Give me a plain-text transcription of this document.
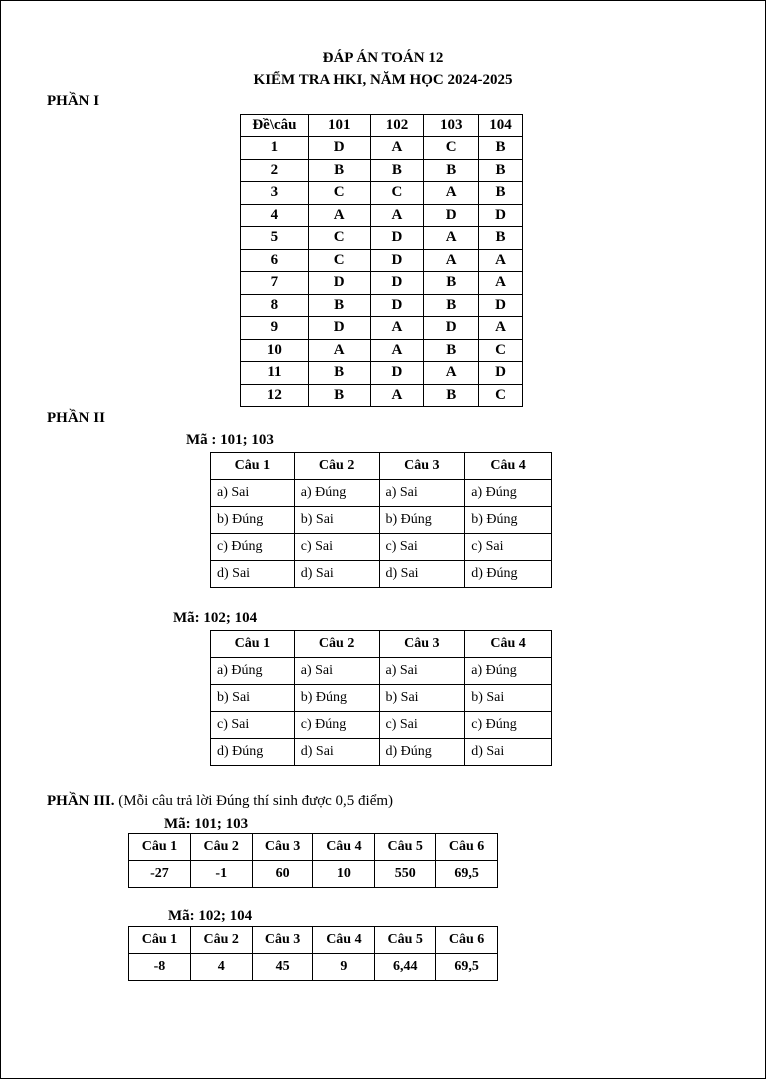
ĐÁP ÁN TOÁN 12
KIỂM TRA HKI, NĂM HỌC 2024-2025
PHẦN I
Đề\câu	101	102	103	104
1	D	A	C	B
2	B	B	B	B
3	C	C	A	B
4	A	A	D	D
5	C	D	A	B
6	C	D	A	A
7	D	D	B	A
8	B	D	B	D
9	D	A	D	A
10	A	A	B	C
11	B	D	A	D
12	B	A	B	C
PHẦN II
Mã : 101; 103
Câu 1	Câu 2	Câu 3	Câu 4
a) Sai	a) Đúng	a) Sai	a) Đúng
b) Đúng	b) Sai	b) Đúng	b) Đúng
c) Đúng	c) Sai	c) Sai	c) Sai
d) Sai	d) Sai	d) Sai	d) Đúng
Mã: 102; 104
Câu 1	Câu 2	Câu 3	Câu 4
a) Đúng	a) Sai	a) Sai	a) Đúng
b) Sai	b) Đúng	b) Sai	b) Sai
c) Sai	c) Đúng	c) Sai	c) Đúng
d) Đúng	d) Sai	d) Đúng	d) Sai
PHẦN III. (Mỗi câu trả lời Đúng thí sinh được 0,5 điểm)
Mã: 101; 103
Câu 1	Câu 2	Câu 3	Câu 4	Câu 5	Câu 6
-27	-1	60	10	550	69,5
Mã: 102; 104
Câu 1	Câu 2	Câu 3	Câu 4	Câu 5	Câu 6
-8	4	45	9	6,44	69,5
